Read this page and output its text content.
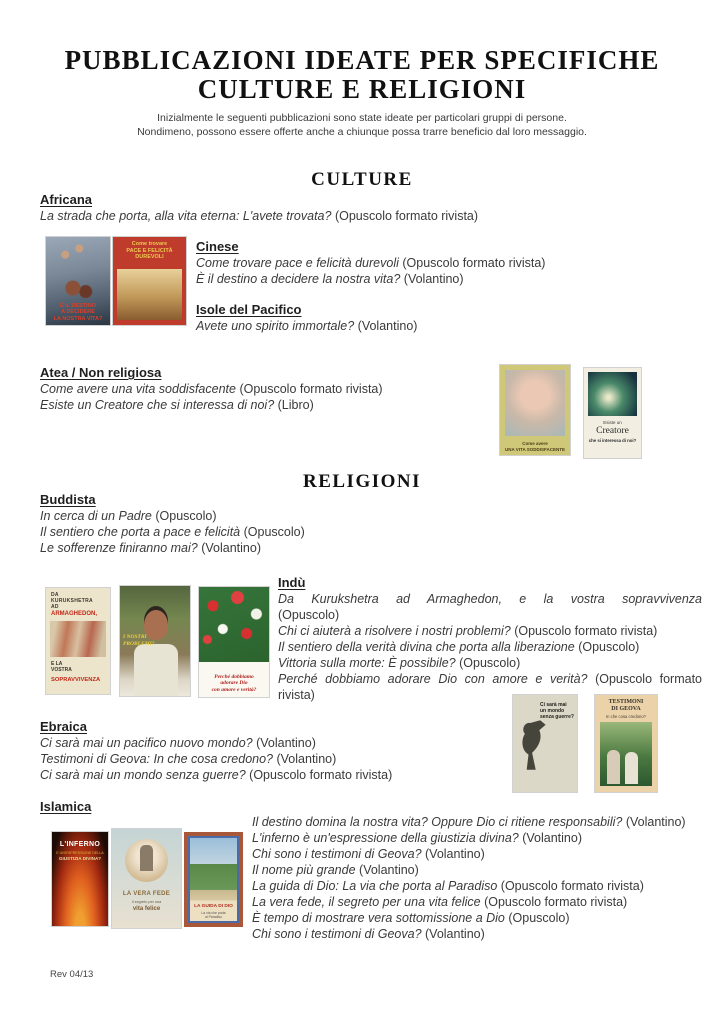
PUBBLICAZIONI IDEATE PER SPECIFICHE
CULTURE E RELIGIONI
Inizialmente le seguenti pubblicazioni sono state ideate per particolari gruppi di persone.
Nondimeno, possono essere offerte anche a chiunque possa trarre beneficio dal loro messaggio.
CULTURE
Africana
La strada che porta, alla vita eterna: L'avete trovata? (Opuscolo formato rivista)
È IL DESTINO
A DECIDERE
LA NOSTRA VITA?
Come trovare
PACE E FELICITÀ
DUREVOLI
Cinese
Come trovare pace e felicità durevoli (Opuscolo formato rivista)
È il destino a decidere la nostra vita? (Volantino)
Isole del Pacifico
Avete uno spirito immortale? (Volantino)
Atea / Non religiosa
Come avere una vita soddisfacente (Opuscolo formato rivista)
Esiste un Creatore che si interessa di noi? (Libro)
Come avere
UNA VITA SODDISFACENTE
Esiste un
Creatore
che si interessa di noi?
RELIGIONI
Buddista
In cerca di un Padre (Opuscolo)
Il sentiero che porta a pace e felicità (Opuscolo)
Le sofferenze finiranno mai? (Volantino)
DA
KURUKSHETRA
AD
ARMAGHEDON,
E LA
VOSTRA
SOPRAVVIVENZA
I NOSTRI
PROBLEMI?
Perché dobbiamo
adorare Dio
con amore e verità?
Indù
Da Kurukshetra ad Armaghedon, e la vostra sopravvivenza (Opuscolo)
Chi ci aiuterà a risolvere i nostri problemi? (Opuscolo formato rivista)
Il sentiero della verità divina che porta alla liberazione (Opuscolo)
Vittoria sulla morte: È possibile? (Opuscolo)
Perché dobbiamo adorare Dio con amore e verità? (Opuscolo formato rivista)
Ci sarà mai
un mondo
senza guerre?
TESTIMONI
DI GEOVA
In che cosa credono?
Ebraica
Ci sarà mai un pacifico nuovo mondo? (Volantino)
Testimoni di Geova: In che cosa credono? (Volantino)
Ci sarà mai un mondo senza guerre? (Opuscolo formato rivista)
Islamica
L'INFERNO
E UN'ESPRESSIONE DELLA
GIUSTIZIA DIVINA?
LA VERA FEDE
Il segreto per una
vita felice	LA GUIDA DI DIO
La via che porta
al Paradiso
Il destino domina la nostra vita? Oppure Dio ci ritiene responsabili? (Volantino)
L'inferno è un'espressione della giustizia divina? (Volantino)
Chi sono i testimoni di Geova? (Volantino)
Il nome più grande (Volantino)
La guida di Dio: La via che porta al Paradiso (Opuscolo formato rivista)
La vera fede, il segreto per una vita felice (Opuscolo formato rivista)
È tempo di mostrare vera sottomissione a Dio (Opuscolo)
Chi sono i testimoni di Geova? (Volantino)
Rev 04/13
